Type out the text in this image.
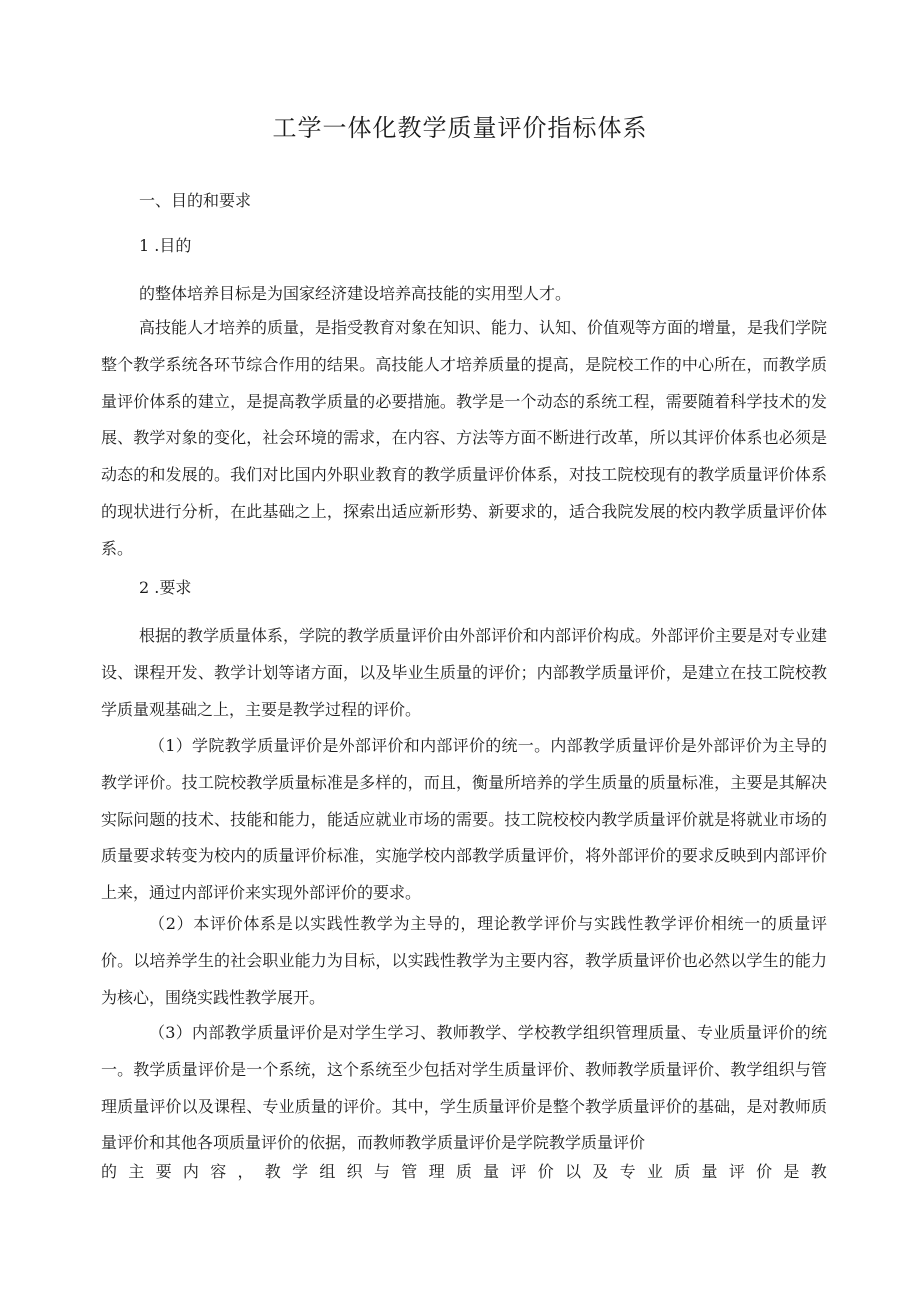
工学一体化教学质量评价指标体系
一、目的和要求
1 .目的
的整体培养目标是为国家经济建设培养高技能的实用型人才。
高技能人才培养的质量，是指受教育对象在知识、能力、认知、价值观等方面的增量，是我们学院整个教学系统各环节综合作用的结果。高技能人才培养质量的提高，是院校工作的中心所在，而教学质量评价体系的建立，是提高教学质量的必要措施。教学是一个动态的系统工程，需要随着科学技术的发展、教学对象的变化，社会环境的需求，在内容、方法等方面不断进行改革，所以其评价体系也必须是动态的和发展的。我们对比国内外职业教育的教学质量评价体系，对技工院校现有的教学质量评价体系的现状进行分析，在此基础之上，探索出适应新形势、新要求的，适合我院发展的校内教学质量评价体系。
2 .要求
根据的教学质量体系，学院的教学质量评价由外部评价和内部评价构成。外部评价主要是对专业建设、课程开发、教学计划等诸方面，以及毕业生质量的评价；内部教学质量评价，是建立在技工院校教学质量观基础之上，主要是教学过程的评价。
（1）学院教学质量评价是外部评价和内部评价的统一。内部教学质量评价是外部评价为主导的教学评价。技工院校教学质量标准是多样的，而且，衡量所培养的学生质量的质量标准，主要是其解决实际问题的技术、技能和能力，能适应就业市场的需要。技工院校校内教学质量评价就是将就业市场的质量要求转变为校内的质量评价标准，实施学校内部教学质量评价，将外部评价的要求反映到内部评价上来，通过内部评价来实现外部评价的要求。
（2）本评价体系是以实践性教学为主导的，理论教学评价与实践性教学评价相统一的质量评价。以培养学生的社会职业能力为目标，以实践性教学为主要内容，教学质量评价也必然以学生的能力为核心，围绕实践性教学展开。
（3）内部教学质量评价是对学生学习、教师教学、学校教学组织管理质量、专业质量评价的统一。教学质量评价是一个系统，这个系统至少包括对学生质量评价、教师教学质量评价、教学组织与管理质量评价以及课程、专业质量的评价。其中，学生质量评价是整个教学质量评价的基础，是对教师质量评价和其他各项质量评价的依据，而教师教学质量评价是学院教学质量评价
的 主 要 内 容 ， 教 学 组 织 与 管 理 质 量 评 价 以 及 专 业 质 量 评 价 是 教
